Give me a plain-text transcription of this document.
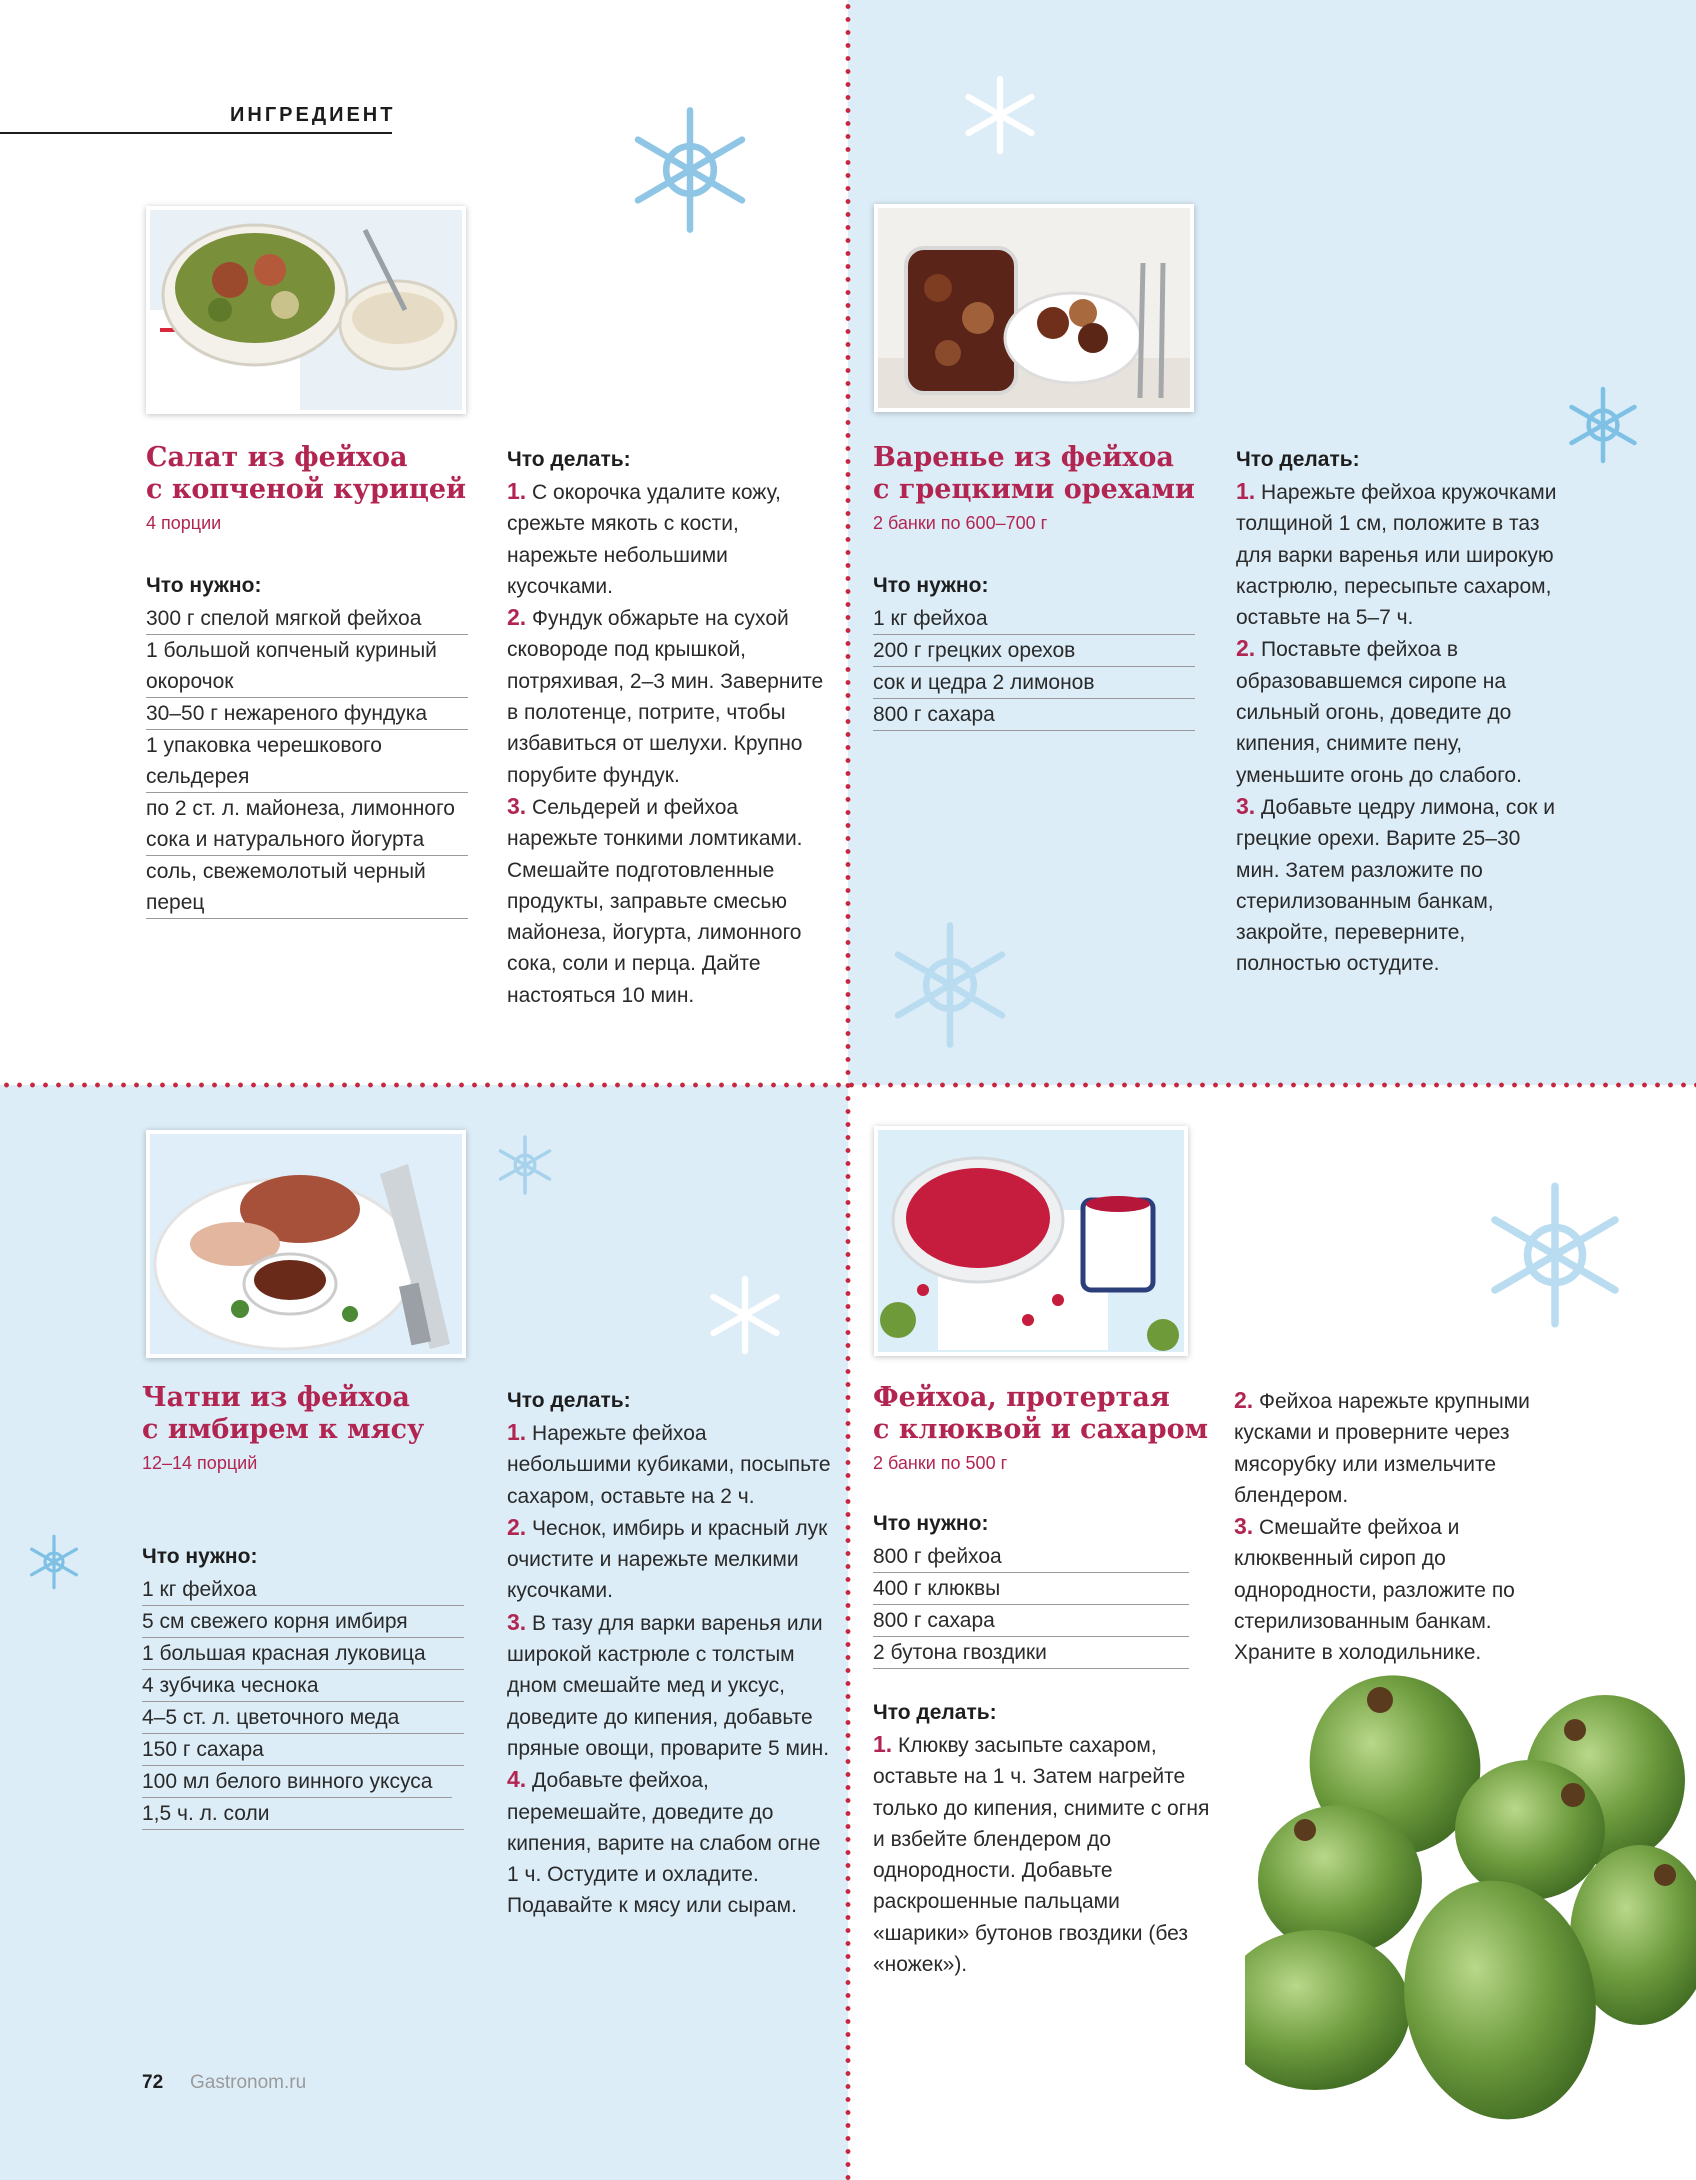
ИНГРЕДИЕНТ
Салат из фейхоа
с копченой курицей
4 порции
Что нужно:
300 г спелой мягкой фейхоа
1 большой копченый куриный окорочок
30–50 г нежареного фундука
1 упаковка черешкового сельдерея
по 2 ст. л. майонеза, лимонного сока и натурального йогурта
соль, свежемолотый черный перец
Что делать:
1. С окорочка удалите кожу, срежьте мякоть с кости, нарежьте небольшими кусочками.
2. Фундук обжарьте на сухой сковороде под крышкой, потряхивая, 2–3 мин. Заверните в полотенце, потрите, чтобы избавиться от шелухи. Крупно порубите фундук.
3. Сельдерей и фейхоа нарежьте тонкими ломтиками. Смешайте подготовленные продукты, заправьте смесью майонеза, йогурта, лимонного сока, соли и перца. Дайте настояться 10 мин.
Варенье из фейхоа
с грецкими орехами
2 банки по 600–700 г
Что нужно:
1 кг фейхоа
200 г грецких орехов
сок и цедра 2 лимонов
800 г сахара
Что делать:
1. Нарежьте фейхоа кружочками толщиной 1 см, положите в таз для варки варенья или широкую кастрюлю, пересыпьте сахаром, оставьте на 5–7 ч.
2. Поставьте фейхоа в образовавшемся сиропе на сильный огонь, доведите до кипения, снимите пену, уменьшите огонь до слабого.
3. Добавьте цедру лимона, сок и грецкие орехи. Варите 25–30 мин. Затем разложите по стерилизованным банкам, закройте, переверните, полностью остудите.
Чатни из фейхоа
с имбирем к мясу
12–14 порций
Что нужно:
1 кг фейхоа
5 см свежего корня имбиря
1 большая красная луковица
4 зубчика чеснока
4–5 ст. л. цветочного меда
150 г сахара
100 мл белого винного уксуса
1,5 ч. л. соли
Что делать:
1. Нарежьте фейхоа небольшими кубиками, посыпьте сахаром, оставьте на 2 ч.
2. Чеснок, имбирь и красный лук очистите и нарежьте мелкими кусочками.
3. В тазу для варки варенья или широкой кастрюле с толстым дном смешайте мед и уксус, доведите до кипения, добавьте пряные овощи, проварите 5 мин.
4. Добавьте фейхоа, перемешайте, доведите до кипения, варите на слабом огне 1 ч. Остудите и охладите. Подавайте к мясу или сырам.
Фейхоа, протертая
с клюквой и сахаром
2 банки по 500 г
Что нужно:
800 г фейхоа
400 г клюквы
800 г сахара
2 бутона гвоздики
Что делать:
1. Клюкву засыпьте сахаром, оставьте на 1 ч. Затем нагрейте только до кипения, снимите с огня и взбейте блендером до однородности. Добавьте раскрошенные пальцами «шарики» бутонов гвоздики (без «ножек»).
2. Фейхоа нарежьте крупными кусками и проверните через мясорубку или измельчите блендером.
3. Смешайте фейхоа и клюквенный сироп до однородности, разложите по стерилизованным банкам. Храните в холодильнике.
72 Gastronom.ru
